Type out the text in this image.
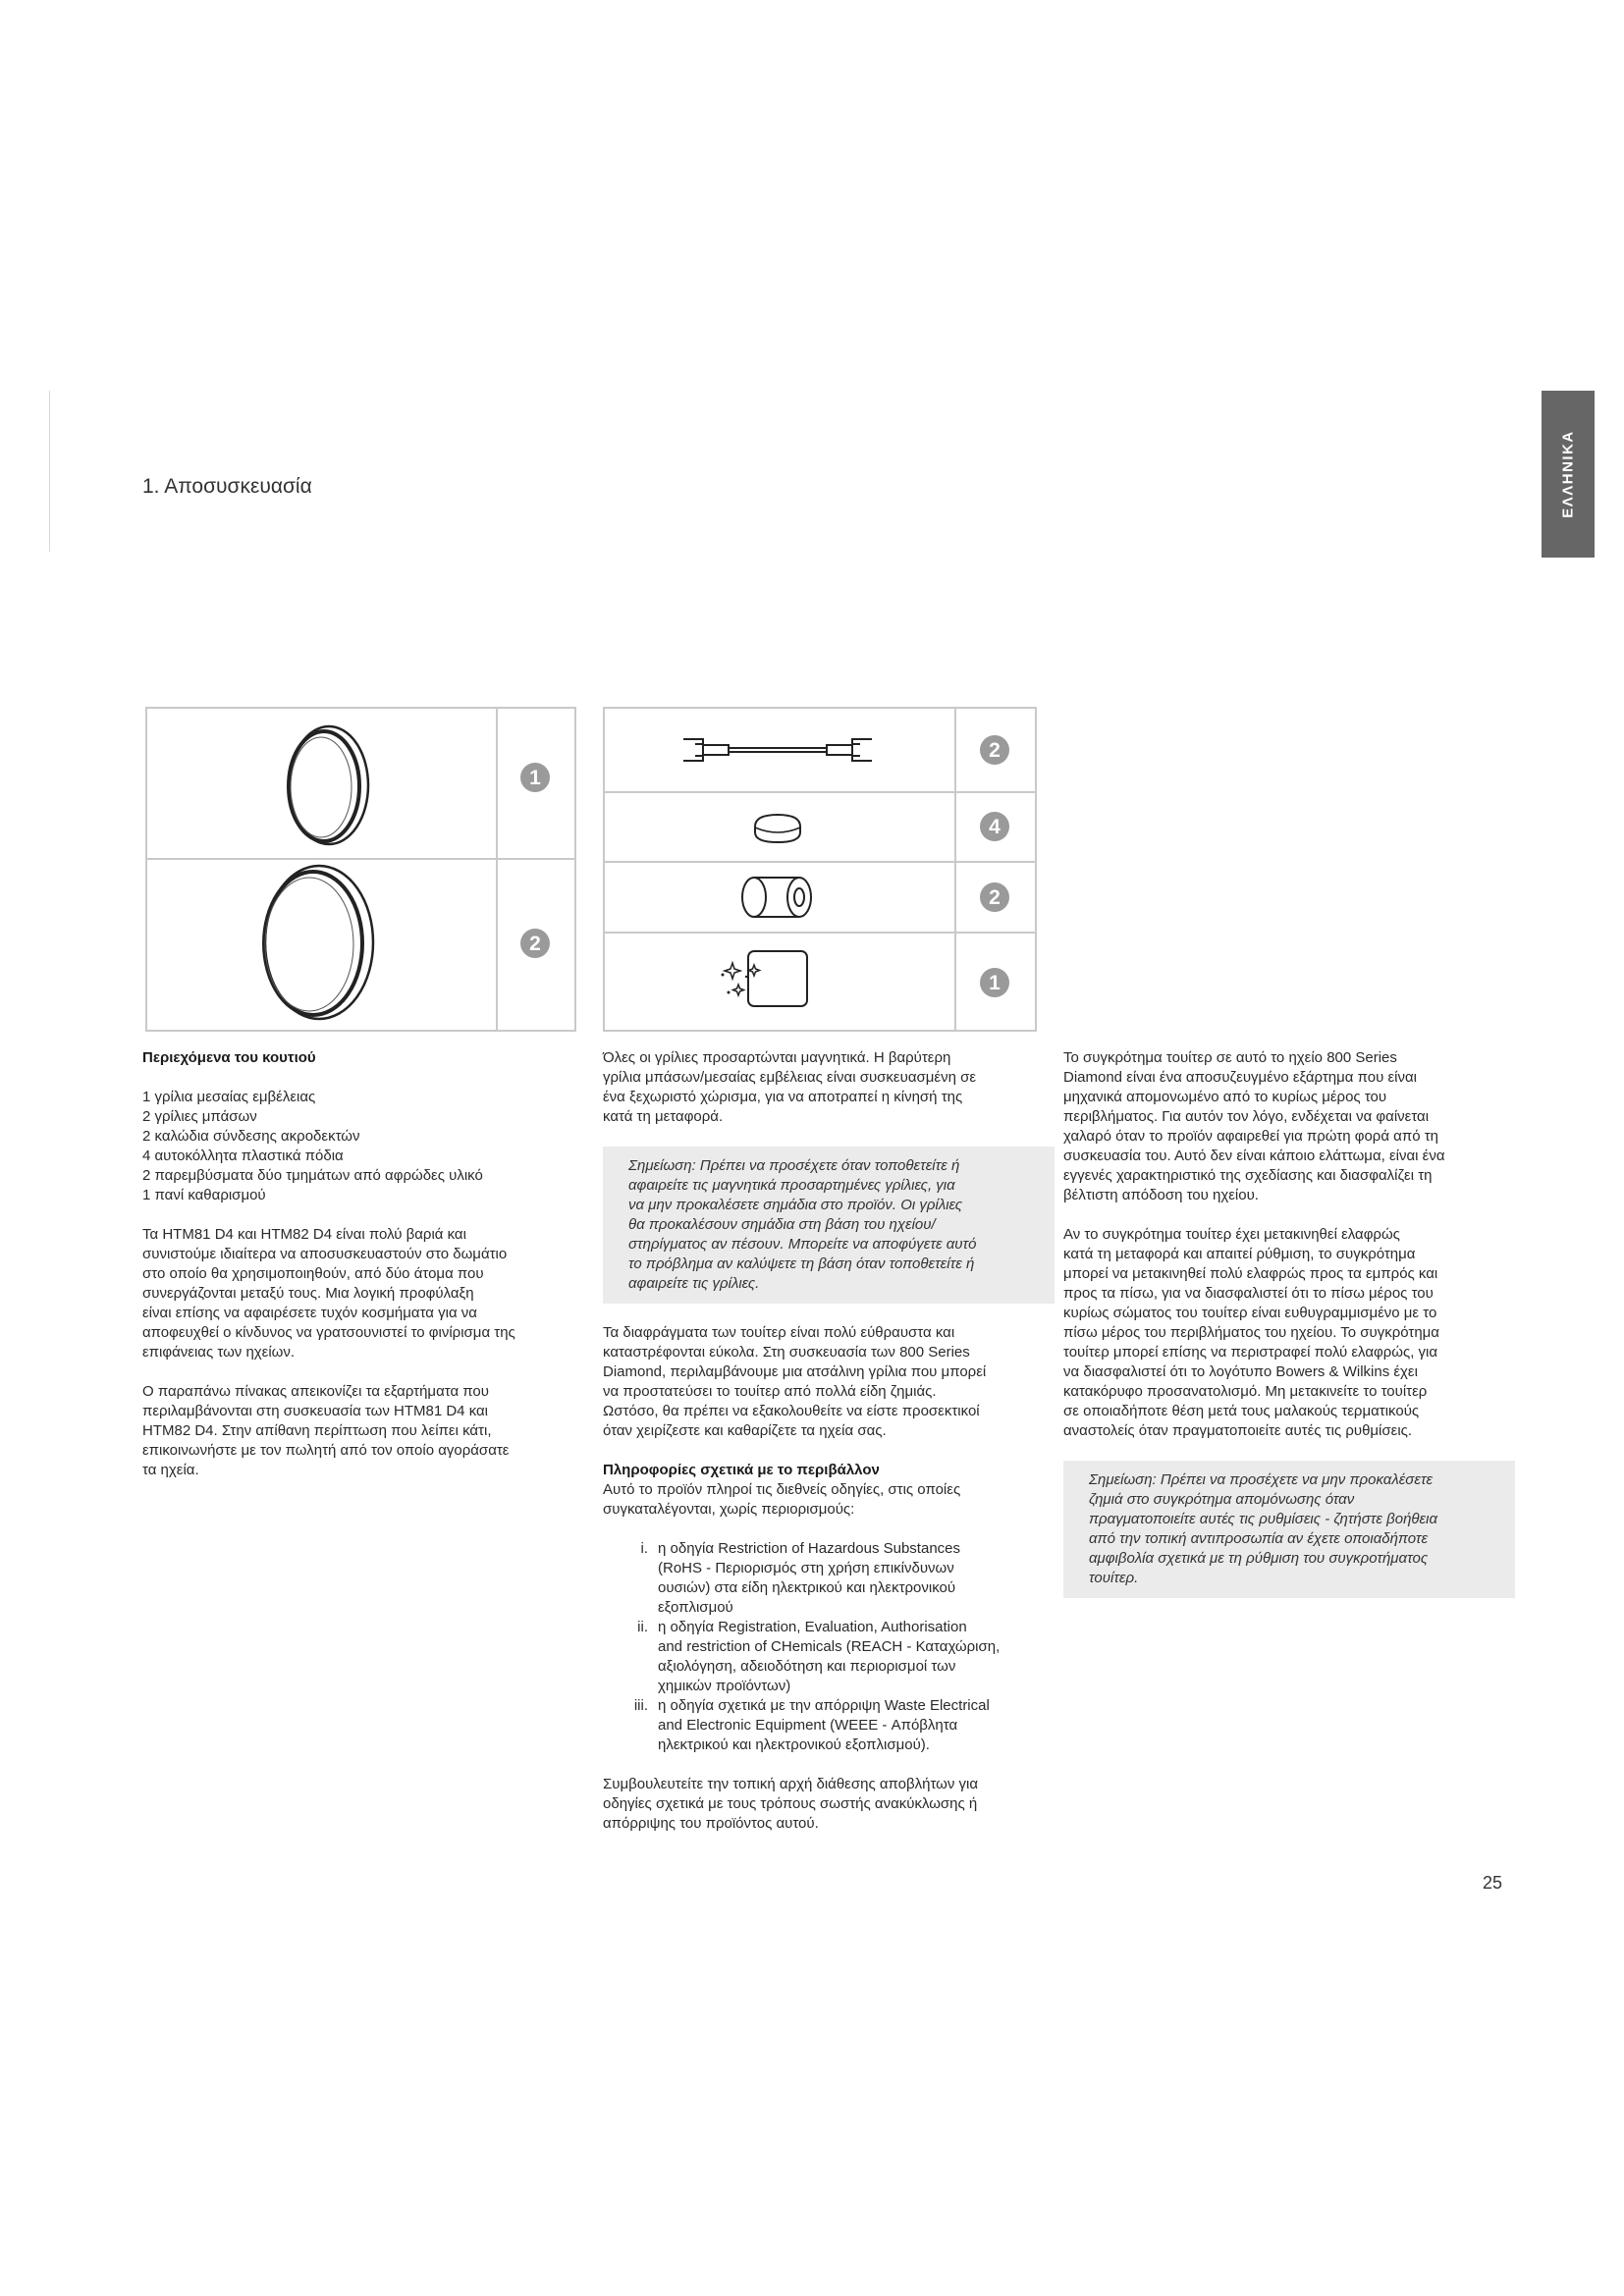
1. Αποσυσκευασία	ΕΛΛΗΝΙΚΑ
1
2
2
4
2
1

Περιεχόμενα του κουτιού

1 γρίλια μεσαίας εμβέλειας

2 γρίλιες μπάσων

2 καλώδια σύνδεσης ακροδεκτών

4 αυτοκόλλητα πλαστικά πόδια

2 παρεμβύσματα δύο τμημάτων από αφρώδες υλικό

1 πανί καθαρισμού

Τα HTM81 D4 και HTM82 D4 είναι πολύ βαριά και

συνιστούμε ιδιαίτερα να αποσυσκευαστούν στο δωμάτιο

στο οποίο θα χρησιμοποιηθούν, από δύο άτομα που

συνεργάζονται μεταξύ τους. Μια λογική προφύλαξη

είναι επίσης να αφαιρέσετε τυχόν κοσμήματα για να

αποφευχθεί ο κίνδυνος να γρατσουνιστεί το φινίρισμα της

επιφάνειας των ηχείων.

Ο παραπάνω πίνακας απεικονίζει τα εξαρτήματα που

περιλαμβάνονται στη συσκευασία των HTM81 D4 και

HTM82 D4. Στην απίθανη περίπτωση που λείπει κάτι,

επικοινωνήστε με τον πωλητή από τον οποίο αγοράσατε

τα ηχεία.

Όλες οι γρίλιες προσαρτώνται μαγνητικά. Η βαρύτερη

γρίλια μπάσων/μεσαίας εμβέλειας είναι συσκευασμένη σε

ένα ξεχωριστό χώρισμα, για να αποτραπεί η κίνησή της

κατά τη μεταφορά.

Σημείωση: Πρέπει να προσέχετε όταν τοποθετείτε ή

αφαιρείτε τις μαγνητικά προσαρτημένες γρίλιες, για

να μην προκαλέσετε σημάδια στο προϊόν. Οι γρίλιες

θα προκαλέσουν σημάδια στη βάση του ηχείου/

στηρίγματος αν πέσουν. Μπορείτε να αποφύγετε αυτό

το πρόβλημα αν καλύψετε τη βάση όταν τοποθετείτε ή

αφαιρείτε τις γρίλιες.

Τα διαφράγματα των τουίτερ είναι πολύ εύθραυστα και

καταστρέφονται εύκολα. Στη συσκευασία των 800 Series

Diamond, περιλαμβάνουμε μια ατσάλινη γρίλια που μπορεί

να προστατεύσει το τουίτερ από πολλά είδη ζημιάς.

Ωστόσο, θα πρέπει να εξακολουθείτε να είστε προσεκτικοί

όταν χειρίζεστε και καθαρίζετε τα ηχεία σας.

Πληροφορίες σχετικά με το περιβάλλον

Αυτό το προϊόν πληροί τις διεθνείς οδηγίες, στις οποίες

συγκαταλέγονται, χωρίς περιορισμούς:

i. η οδηγία Restriction of Hazardous Substances

(RoHS - Περιορισμός στη χρήση επικίνδυνων

ουσιών) στα είδη ηλεκτρικού και ηλεκτρονικού

εξοπλισμού

ii. η οδηγία Registration, Evaluation, Authorisation

and restriction of CHemicals (REACH - Καταχώριση,

αξιολόγηση, αδειοδότηση και περιορισμοί των

χημικών προϊόντων)

iii. η οδηγία σχετικά με την απόρριψη Waste Electrical

and Electronic Equipment (WEEE - Απόβλητα

ηλεκτρικού και ηλεκτρονικού εξοπλισμού).

Συμβουλευτείτε την τοπική αρχή διάθεσης αποβλήτων για

οδηγίες σχετικά με τους τρόπους σωστής ανακύκλωσης ή

απόρριψης του προϊόντος αυτού.

Το συγκρότημα τουίτερ σε αυτό το ηχείο 800 Series

Diamond είναι ένα αποσυζευγμένο εξάρτημα που είναι

μηχανικά απομονωμένο από το κυρίως μέρος του

περιβλήματος. Για αυτόν τον λόγο, ενδέχεται να φαίνεται

χαλαρό όταν το προϊόν αφαιρεθεί για πρώτη φορά από τη

συσκευασία του. Αυτό δεν είναι κάποιο ελάττωμα, είναι ένα

εγγενές χαρακτηριστικό της σχεδίασης και διασφαλίζει τη

βέλτιστη απόδοση του ηχείου.

Αν το συγκρότημα τουίτερ έχει μετακινηθεί ελαφρώς

κατά τη μεταφορά και απαιτεί ρύθμιση, το συγκρότημα

μπορεί να μετακινηθεί πολύ ελαφρώς προς τα εμπρός και

προς τα πίσω, για να διασφαλιστεί ότι το πίσω μέρος του

κυρίως σώματος του τουίτερ είναι ευθυγραμμισμένο με το

πίσω μέρος του περιβλήματος του ηχείου. Το συγκρότημα

τουίτερ μπορεί επίσης να περιστραφεί πολύ ελαφρώς, για

να διασφαλιστεί ότι το λογότυπο Bowers & Wilkins έχει

κατακόρυφο προσανατολισμό. Μη μετακινείτε το τουίτερ

σε οποιαδήποτε θέση μετά τους μαλακούς τερματικούς

αναστολείς όταν πραγματοποιείτε αυτές τις ρυθμίσεις.

Σημείωση: Πρέπει να προσέχετε να μην προκαλέσετε

ζημιά στο συγκρότημα απομόνωσης όταν

πραγματοποιείτε αυτές τις ρυθμίσεις - ζητήστε βοήθεια

από την τοπική αντιπροσωπία αν έχετε οποιαδήποτε

αμφιβολία σχετικά με τη ρύθμιση του συγκροτήματος

τουίτερ.

25
